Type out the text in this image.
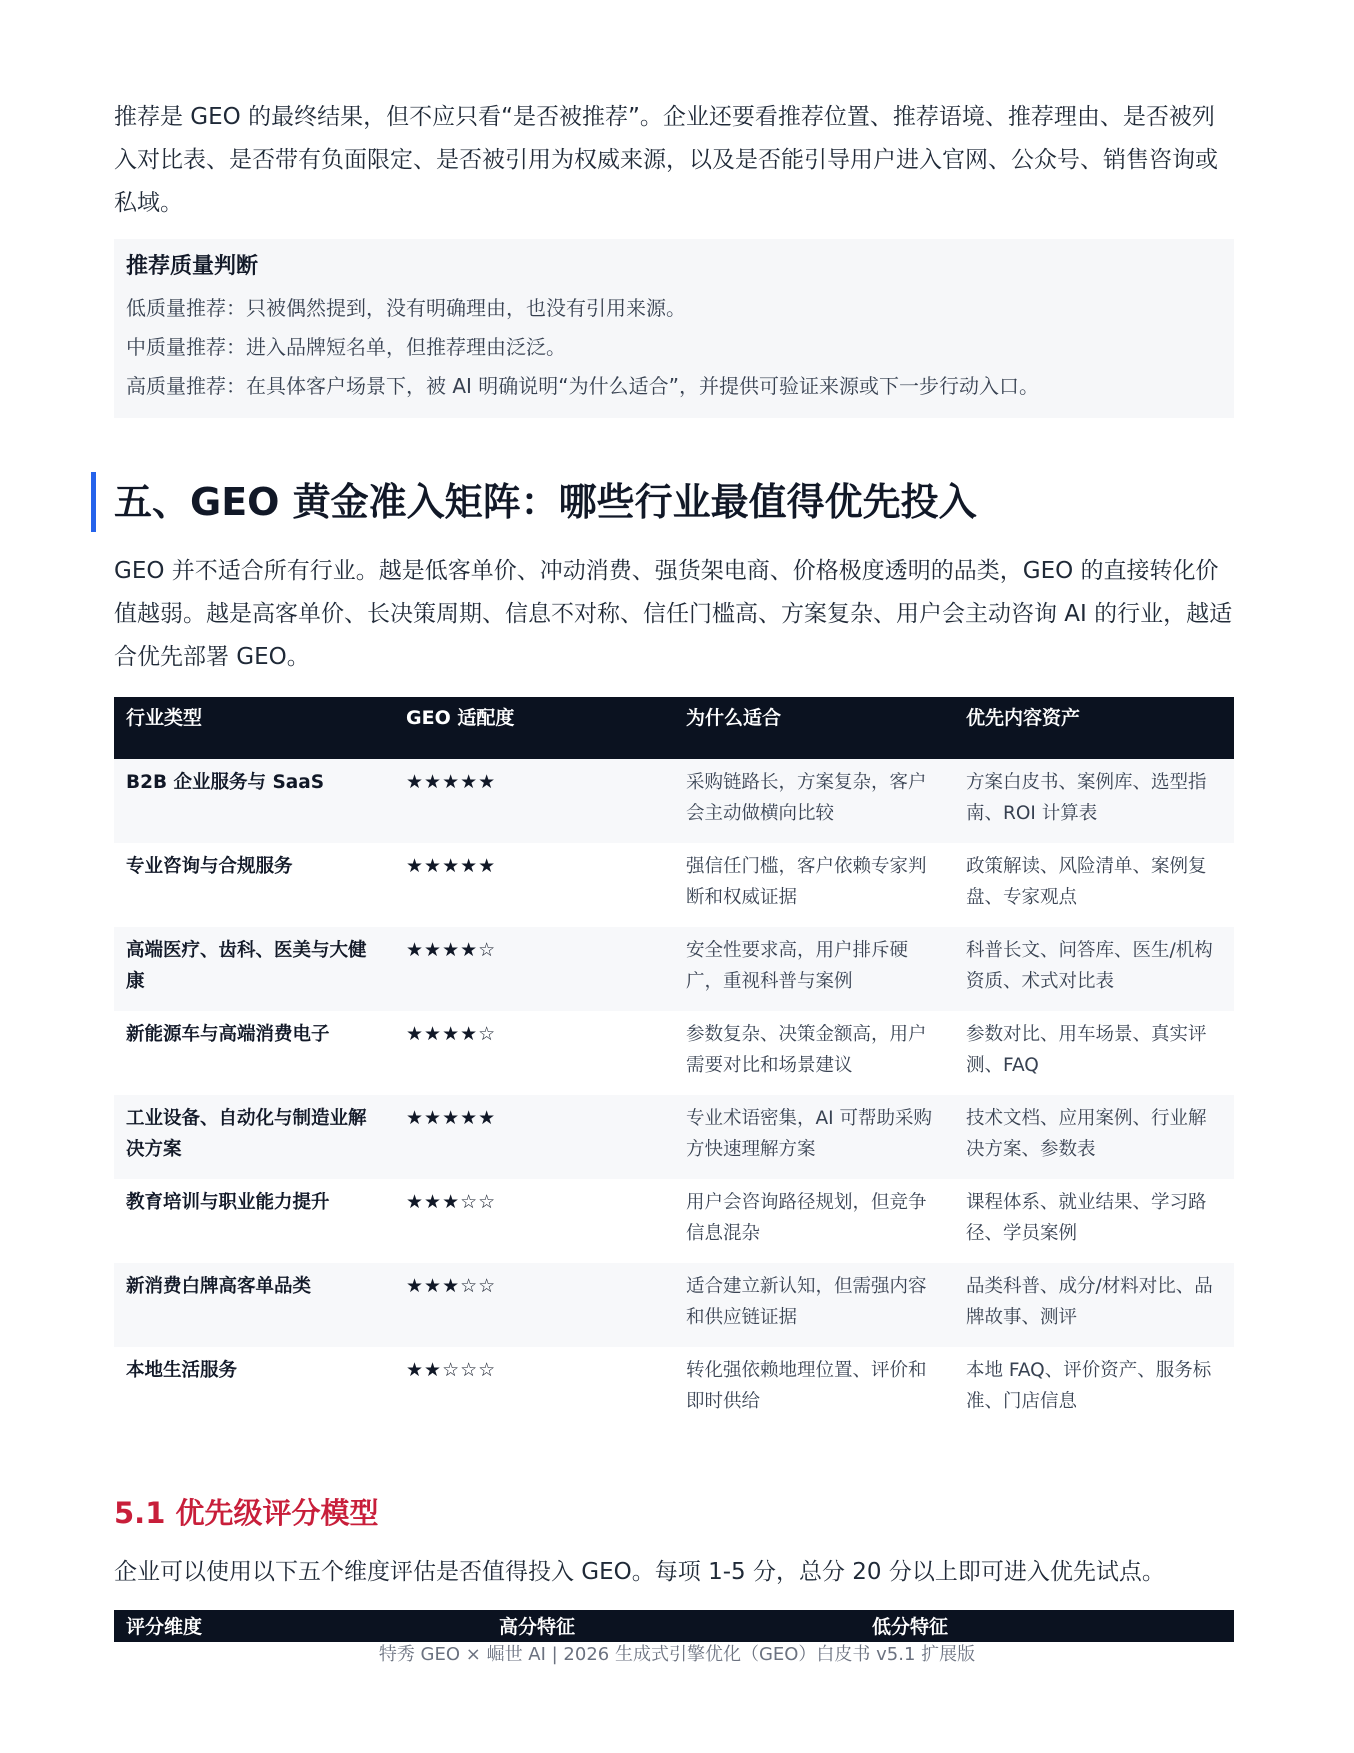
推荐是 GEO 的最终结果，但不应只看“是否被推荐”。企业还要看推荐位置、推荐语境、推荐理由、是否被列入对比表、是否带有负面限定、是否被引用为权威来源，以及是否能引导用户进入官网、公众号、销售咨询或私域。

推荐质量判断

低质量推荐：只被偶然提到，没有明确理由，也没有引用来源。

中质量推荐：进入品牌短名单，但推荐理由泛泛。

高质量推荐：在具体客户场景下，被 AI 明确说明“为什么适合”，并提供可验证来源或下一步行动入口。

五、GEO 黄金准入矩阵：哪些行业最值得优先投入

GEO 并不适合所有行业。越是低客单价、冲动消费、强货架电商、价格极度透明的品类，GEO 的直接转化价值越弱。越是高客单价、长决策周期、信息不对称、信任门槛高、方案复杂、用户会主动咨询 AI 的行业，越适合优先部署 GEO。

行业类型	GEO 适配度	为什么适合	优先内容资产
B2B 企业服务与 SaaS	★★★★★	采购链路长，方案复杂，客户会主动做横向比较	方案白皮书、案例库、选型指南、ROI 计算表
专业咨询与合规服务	★★★★★	强信任门槛，客户依赖专家判断和权威证据	政策解读、风险清单、案例复盘、专家观点
高端医疗、齿科、医美与大健康	★★★★☆	安全性要求高，用户排斥硬广，重视科普与案例	科普长文、问答库、医生/机构资质、术式对比表
新能源车与高端消费电子	★★★★☆	参数复杂、决策金额高，用户需要对比和场景建议	参数对比、用车场景、真实评测、FAQ
工业设备、自动化与制造业解决方案	★★★★★	专业术语密集，AI 可帮助采购方快速理解方案	技术文档、应用案例、行业解决方案、参数表
教育培训与职业能力提升	★★★☆☆	用户会咨询路径规划，但竞争信息混杂	课程体系、就业结果、学习路径、学员案例
新消费白牌高客单品类	★★★☆☆	适合建立新认知，但需强内容和供应链证据	品类科普、成分/材料对比、品牌故事、测评
本地生活服务	★★☆☆☆	转化强依赖地理位置、评价和即时供给	本地 FAQ、评价资产、服务标准、门店信息
5.1 优先级评分模型

企业可以使用以下五个维度评估是否值得投入 GEO。每项 1-5 分，总分 20 分以上即可进入优先试点。

评分维度	高分特征	低分特征
特秀 GEO × 崛世 AI | 2026 生成式引擎优化（GEO）白皮书 v5.1 扩展版
